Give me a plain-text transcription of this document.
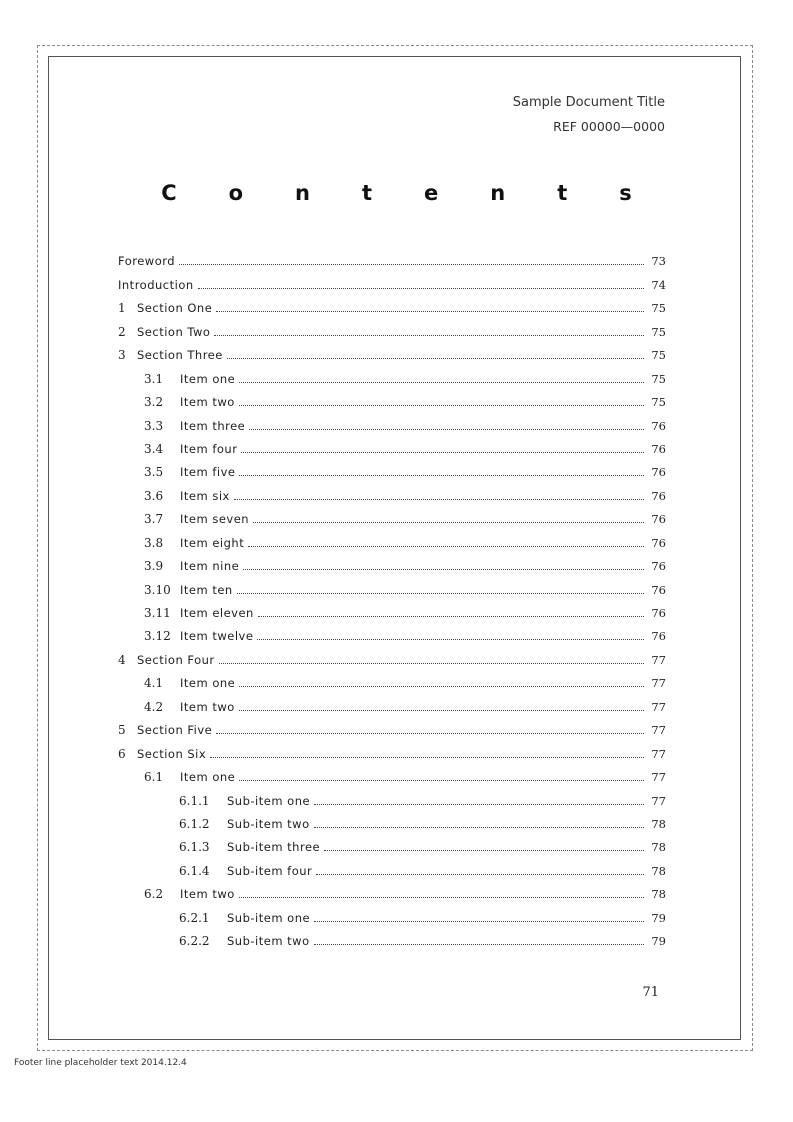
Sample Document Title
REF 00000—0000
Contents
Foreword	73
Introduction	74
1 Section One	75
2 Section Two	75
3 Section Three	75
3.1	Item one	75
3.2	Item two	75
3.3	Item three	76
3.4	Item four	76
3.5	Item five	76
3.6	Item six	76
3.7	Item seven	76
3.8	Item eight	76
3.9	Item nine	76
3.10 Item ten	76
3.11 Item eleven	76
3.12 Item twelve	76
4 Section Four	77
4.1	Item one	77
4.2	Item two	77
5 Section Five	77
6 Section Six	77
6.1	Item one	77
6.1.1	Sub-item one	77
6.1.2	Sub-item two	78
6.1.3	Sub-item three	78
6.1.4	Sub-item four	78
6.2	Item two	78
6.2.1	Sub-item one	79
6.2.2	Sub-item two	79
71
Footer line placeholder text 2014.12.4
